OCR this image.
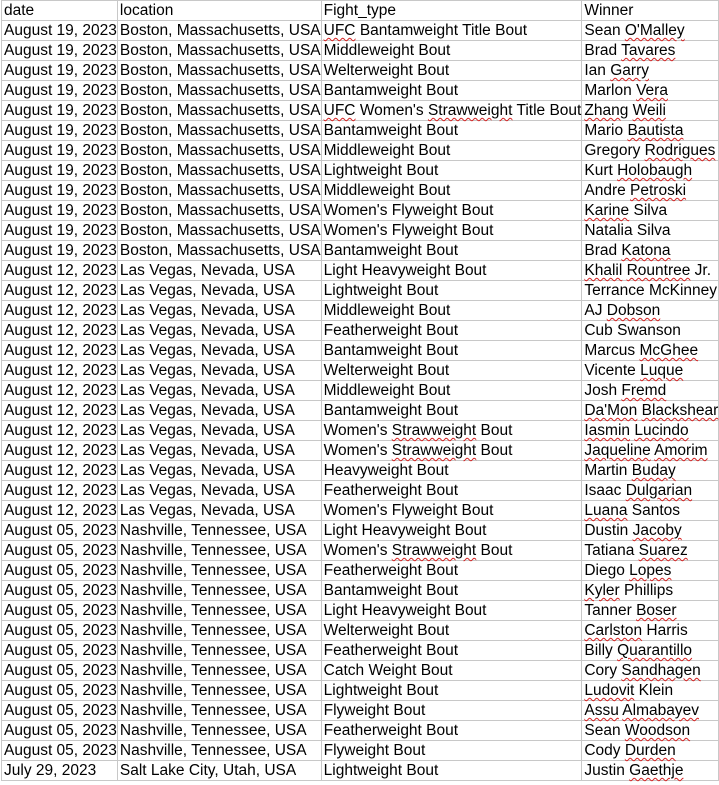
date	location	Fight_type	Winner
August 19, 2023	Boston, Massachusetts, USA	UFC Bantamweight Title Bout	Sean O'Malley
August 19, 2023	Boston, Massachusetts, USA	Middleweight Bout	Brad Tavares
August 19, 2023	Boston, Massachusetts, USA	Welterweight Bout	Ian Garry
August 19, 2023	Boston, Massachusetts, USA	Bantamweight Bout	Marlon Vera
August 19, 2023	Boston, Massachusetts, USA	UFC Women's Strawweight Title Bout	Zhang Weili
August 19, 2023	Boston, Massachusetts, USA	Bantamweight Bout	Mario Bautista
August 19, 2023	Boston, Massachusetts, USA	Middleweight Bout	Gregory Rodrigues
August 19, 2023	Boston, Massachusetts, USA	Lightweight Bout	Kurt Holobaugh
August 19, 2023	Boston, Massachusetts, USA	Middleweight Bout	Andre Petroski
August 19, 2023	Boston, Massachusetts, USA	Women's Flyweight Bout	Karine Silva
August 19, 2023	Boston, Massachusetts, USA	Women's Flyweight Bout	Natalia Silva
August 19, 2023	Boston, Massachusetts, USA	Bantamweight Bout	Brad Katona
August 12, 2023	Las Vegas, Nevada, USA	Light Heavyweight Bout	Khalil Rountree Jr.
August 12, 2023	Las Vegas, Nevada, USA	Lightweight Bout	Terrance McKinney
August 12, 2023	Las Vegas, Nevada, USA	Middleweight Bout	AJ Dobson
August 12, 2023	Las Vegas, Nevada, USA	Featherweight Bout	Cub Swanson
August 12, 2023	Las Vegas, Nevada, USA	Bantamweight Bout	Marcus McGhee
August 12, 2023	Las Vegas, Nevada, USA	Welterweight Bout	Vicente Luque
August 12, 2023	Las Vegas, Nevada, USA	Middleweight Bout	Josh Fremd
August 12, 2023	Las Vegas, Nevada, USA	Bantamweight Bout	Da'Mon Blackshear
August 12, 2023	Las Vegas, Nevada, USA	Women's Strawweight Bout	Iasmin Lucindo
August 12, 2023	Las Vegas, Nevada, USA	Women's Strawweight Bout	Jaqueline Amorim
August 12, 2023	Las Vegas, Nevada, USA	Heavyweight Bout	Martin Buday
August 12, 2023	Las Vegas, Nevada, USA	Featherweight Bout	Isaac Dulgarian
August 12, 2023	Las Vegas, Nevada, USA	Women's Flyweight Bout	Luana Santos
August 05, 2023	Nashville, Tennessee, USA	Light Heavyweight Bout	Dustin Jacoby
August 05, 2023	Nashville, Tennessee, USA	Women's Strawweight Bout	Tatiana Suarez
August 05, 2023	Nashville, Tennessee, USA	Featherweight Bout	Diego Lopes
August 05, 2023	Nashville, Tennessee, USA	Bantamweight Bout	Kyler Phillips
August 05, 2023	Nashville, Tennessee, USA	Light Heavyweight Bout	Tanner Boser
August 05, 2023	Nashville, Tennessee, USA	Welterweight Bout	Carlston Harris
August 05, 2023	Nashville, Tennessee, USA	Featherweight Bout	Billy Quarantillo
August 05, 2023	Nashville, Tennessee, USA	Catch Weight Bout	Cory Sandhagen
August 05, 2023	Nashville, Tennessee, USA	Lightweight Bout	Ludovit Klein
August 05, 2023	Nashville, Tennessee, USA	Flyweight Bout	Assu Almabayev
August 05, 2023	Nashville, Tennessee, USA	Featherweight Bout	Sean Woodson
August 05, 2023	Nashville, Tennessee, USA	Flyweight Bout	Cody Durden
July 29, 2023	Salt Lake City, Utah, USA	Lightweight Bout	Justin Gaethje
